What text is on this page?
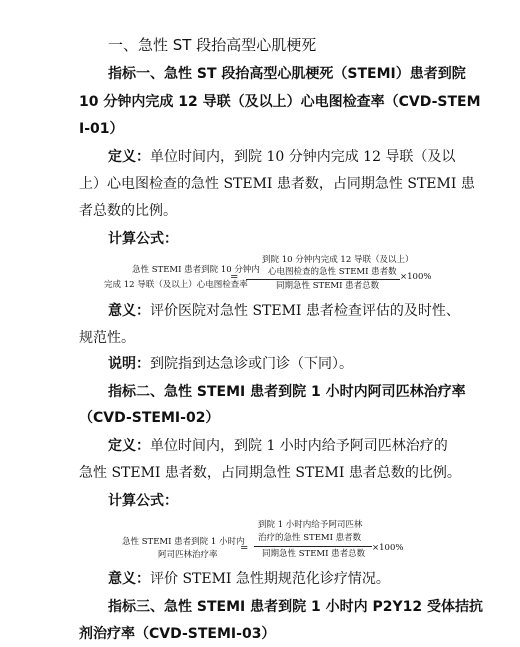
一、急性 ST 段抬高型心肌梗死
指标一、急性 ST 段抬高型心肌梗死（STEMI）患者到院
10 分钟内完成 12 导联（及以上）心电图检查率（CVD-STEM
I-01）
定义：单位时间内，到院 10 分钟内完成 12 导联（及以
上）心电图检查的急性 STEMI 患者数，占同期急性 STEMI 患
者总数的比例。
计算公式：
急性 STEMI 患者到院 10 分钟内
完成 12 导联（及以上）心电图检查率
=
到院 10 分钟内完成 12 导联（及以上）
心电图检查的急性 STEMI 患者数
同期急性 STEMI 患者总数
×100%
意义：评价医院对急性 STEMI 患者检查评估的及时性、
规范性。
说明：到院指到达急诊或门诊（下同）。
指标二、急性 STEMI 患者到院 1 小时内阿司匹林治疗率
（CVD-STEMI-02）
定义：单位时间内，到院 1 小时内给予阿司匹林治疗的
急性 STEMI 患者数，占同期急性 STEMI 患者总数的比例。
计算公式：
急性 STEMI 患者到院 1 小时内
阿司匹林治疗率
=
到院 1 小时内给予阿司匹林
治疗的急性 STEMI 患者数
同期急性 STEMI 患者总数
×100%
意义：评价 STEMI 急性期规范化诊疗情况。
指标三、急性 STEMI 患者到院 1 小时内 P2Y12 受体拮抗
剂治疗率（CVD-STEMI-03）
